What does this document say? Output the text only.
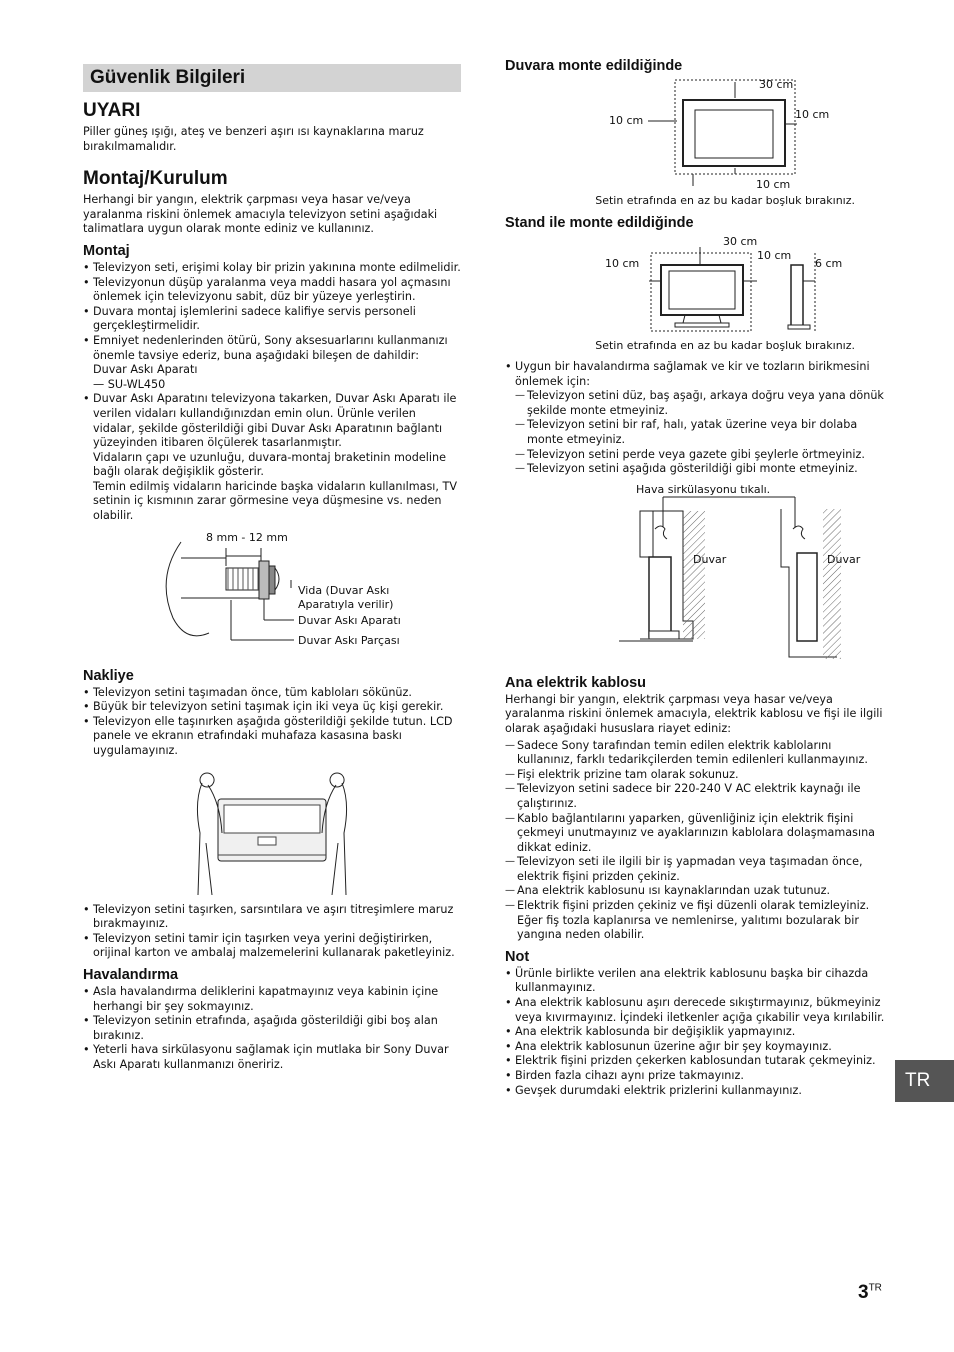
Güvenlik Bilgileri
UYARI

Piller güneş ışığı, ateş ve benzeri aşırı ısı kaynaklarına maruz bırakılmamalıdır.

Montaj/Kurulum

Herhangi bir yangın, elektrik çarpması veya hasar ve/veya yaralanma riskini önlemek amacıyla televizyon setini aşağıdaki talimatlara uygun olarak monte ediniz ve kullanınız.

Montaj
• Televizyon seti, erişimi kolay bir prizin yakınına monte edilmelidir.
• Televizyonun düşüp yaralanma veya maddi hasara yol açmasını önlemek için televizyonu sabit, düz bir yüzeye yerleştirin.
• Duvara montaj işlemlerini sadece kalifiye servis personeli gerçekleştirmelidir.
• Emniyet nedenlerinden ötürü, Sony aksesuarlarını kullanmanızı önemle tavsiye ederiz, buna aşağıdaki bileşen de dahildir:
Duvar Askı Aparatı
— SU-WL450
• Duvar Askı Aparatını televizyona takarken, Duvar Askı Aparatı ile verilen vidaları kullandığınızdan emin olun. Ürünle verilen vidalar, şekilde gösterildiği gibi Duvar Askı Aparatının bağlantı yüzeyinden itibaren ölçülerek tasarlanmıştır.
Vidaların çapı ve uzunluğu, duvara-montaj braketinin modeline bağlı olarak değişiklik gösterir.
Temin edilmiş vidaların haricinde başka vidaların kullanılması, TV setinin iç kısmının zarar görmesine veya düşmesine vs. neden olabilir.
8 mm - 12 mm
Vida (Duvar Askı
Aparatıyla verilir)
Duvar Askı Aparatı
Duvar Askı Parçası
Nakliye
• Televizyon setini taşımadan önce, tüm kabloları sökünüz.
• Büyük bir televizyon setini taşımak için iki veya üç kişi gerekir.
• Televizyon elle taşınırken aşağıda gösterildiği şekilde tutun. LCD panele ve ekranın etrafındaki muhafaza kasasına baskı uygulamayınız.
• Televizyon setini taşırken, sarsıntılara ve aşırı titreşimlere maruz bırakmayınız.
• Televizyon setini tamir için taşırken veya yerini değiştirirken, orijinal karton ve ambalaj malzemelerini kullanarak paketleyiniz.
Havalandırma
• Asla havalandırma deliklerini kapatmayınız veya kabinin içine herhangi bir şey sokmayınız.
• Televizyon setinin etrafında, aşağıda gösterildiği gibi boş alan bırakınız.
• Yeterli hava sirkülasyonu sağlamak için mutlaka bir Sony Duvar Askı Aparatı kullanmanızı öneririz.
Duvara monte edildiğinde
30 cm
10 cm	10 cm
10 cm
Setin etrafında en az bu kadar boşluk bırakınız.
Stand ile monte edildiğinde
30 cm
10 cm
10 cm
6 cm
Setin etrafında en az bu kadar boşluk bırakınız.
• Uygun bir havalandırma sağlamak ve kir ve tozların birikmesini önlemek için:
— Televizyon setini düz, baş aşağı, arkaya doğru veya yana dönük şekilde monte etmeyiniz.
— Televizyon setini bir raf, halı, yatak üzerine veya bir dolaba monte etmeyiniz.
— Televizyon setini perde veya gazete gibi şeylerle örtmeyiniz.
— Televizyon setini aşağıda gösterildiği gibi monte etmeyiniz.
Hava sirkülasyonu tıkalı.
Duvar	Duvar
Ana elektrik kablosu

Herhangi bir yangın, elektrik çarpması veya hasar ve/veya yaralanma riskini önlemek amacıyla, elektrik kablosu ve fişi ile ilgili olarak aşağıdaki hususlara riayet ediniz:

— Sadece Sony tarafından temin edilen elektrik kablolarını kullanınız, farklı tedarikçilerden temin edilenleri kullanmayınız.
— Fişi elektrik prizine tam olarak sokunuz.
— Televizyon setini sadece bir 220-240 V AC elektrik kaynağı ile çalıştırınız.
— Kablo bağlantılarını yaparken, güvenliğiniz için elektrik fişini çekmeyi unutmayınız ve ayaklarınızın kablolara dolaşmamasına dikkat ediniz.
— Televizyon seti ile ilgili bir iş yapmadan veya taşımadan önce, elektrik fişini prizden çekiniz.
— Ana elektrik kablosunu ısı kaynaklarından uzak tutunuz.
— Elektrik fişini prizden çekiniz ve fişi düzenli olarak temizleyiniz. Eğer fiş tozla kaplanırsa ve nemlenirse, yalıtımı bozularak bir yangına neden olabilir.
Not
• Ürünle birlikte verilen ana elektrik kablosunu başka bir cihazda kullanmayınız.
• Ana elektrik kablosunu aşırı derecede sıkıştırmayınız, bükmeyiniz veya kıvırmayınız. İçindeki iletkenler açığa çıkabilir veya kırılabilir.
• Ana elektrik kablosunda bir değişiklik yapmayınız.
• Ana elektrik kablosunun üzerine ağır bir şey koymayınız.
• Elektrik fişini prizden çekerken kablosundan tutarak çekmeyiniz.
• Birden fazla cihazı aynı prize takmayınız.
• Gevşek durumdaki elektrik prizlerini kullanmayınız.	TR
$3^{TR}$
